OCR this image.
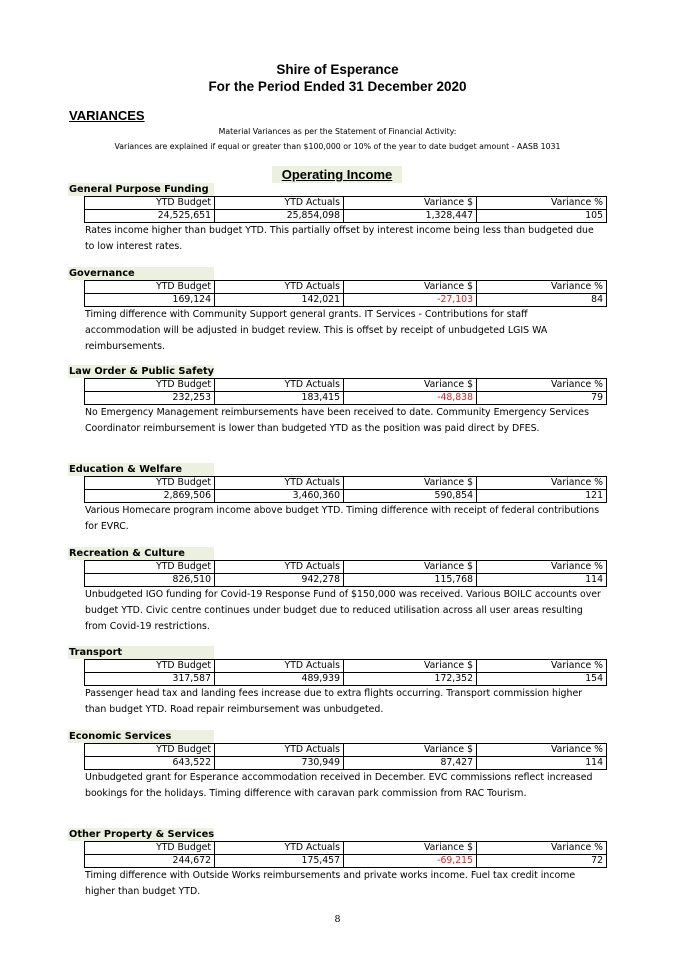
Shire of Esperance
For the Period Ended 31 December 2020
VARIANCES
Material Variances as per the Statement of Financial Activity:
Variances are explained if equal or greater than $100,000 or 10% of the year to date budget amount - AASB 1031
Operating Income
General Purpose Funding
YTD Budget	YTD Actuals	Variance $	Variance %
24,525,651	25,854,098	1,328,447	105
Rates income higher than budget YTD. This partially offset by interest income being less than budgeted due to low interest rates.
Governance
YTD Budget	YTD Actuals	Variance $	Variance %
169,124	142,021	-27,103	84
Timing difference with Community Support general grants. IT Services - Contributions for staff accommodation will be adjusted in budget review. This is offset by receipt of unbudgeted LGIS WA reimbursements.
Law Order & Public Safety
YTD Budget	YTD Actuals	Variance $	Variance %
232,253	183,415	-48,838	79
No Emergency Management reimbursements have been received to date. Community Emergency Services Coordinator reimbursement is lower than budgeted YTD as the position was paid direct by DFES.
Education & Welfare
YTD Budget	YTD Actuals	Variance $	Variance %
2,869,506	3,460,360	590,854	121
Various Homecare program income above budget YTD. Timing difference with receipt of federal contributions for EVRC.
Recreation & Culture
YTD Budget	YTD Actuals	Variance $	Variance %
826,510	942,278	115,768	114
Unbudgeted IGO funding for Covid-19 Response Fund of $150,000 was received. Various BOILC accounts over budget YTD. Civic centre continues under budget due to reduced utilisation across all user areas resulting from Covid-19 restrictions.
Transport
YTD Budget	YTD Actuals	Variance $	Variance %
317,587	489,939	172,352	154
Passenger head tax and landing fees increase due to extra flights occurring. Transport commission higher than budget YTD. Road repair reimbursement was unbudgeted.
Economic Services
YTD Budget	YTD Actuals	Variance $	Variance %
643,522	730,949	87,427	114
Unbudgeted grant for Esperance accommodation received in December. EVC commissions reflect increased bookings for the holidays. Timing difference with caravan park commission from RAC Tourism.
Other Property & Services
YTD Budget	YTD Actuals	Variance $	Variance %
244,672	175,457	-69,215	72
Timing difference with Outside Works reimbursements and private works income. Fuel tax credit income higher than budget YTD.
8
